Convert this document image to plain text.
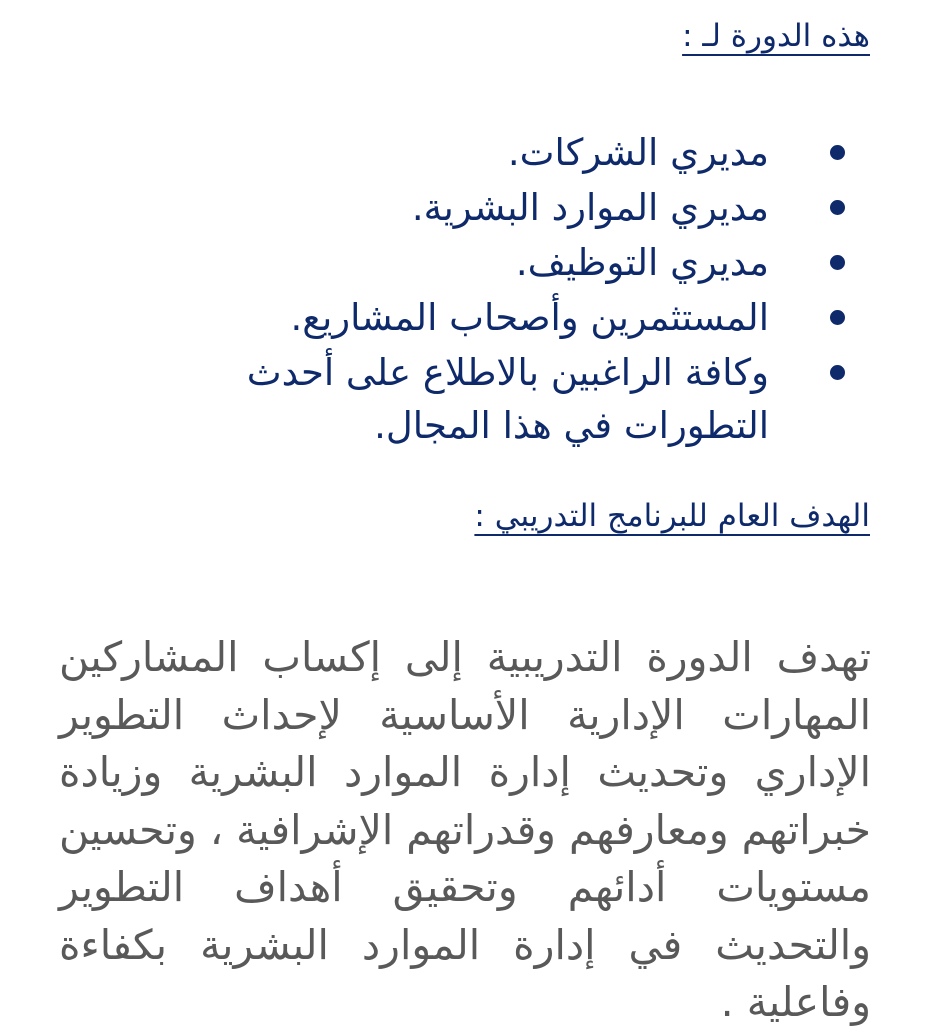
هذه الدورة لـ :
مديري الشركات.
مديري الموارد البشرية.
مديري التوظيف.
المستثمرين وأصحاب المشاريع.
وكافة الراغبين بالاطلاع على أحدث التطورات في هذا المجال.
الهدف العام للبرنامج التدريبي :

تهدف الدورة التدريبية إلى إكساب المشاركين المهارات الإدارية الأساسية لإحداث التطوير الإداري وتحديث إدارة الموارد البشرية وزيادة خبراتهم ومعارفهم وقدراتهم الإشرافية ، وتحسين مستويات أدائهم وتحقيق أهداف التطوير والتحديث في إدارة الموارد البشرية بكفاءة وفاعلية .
